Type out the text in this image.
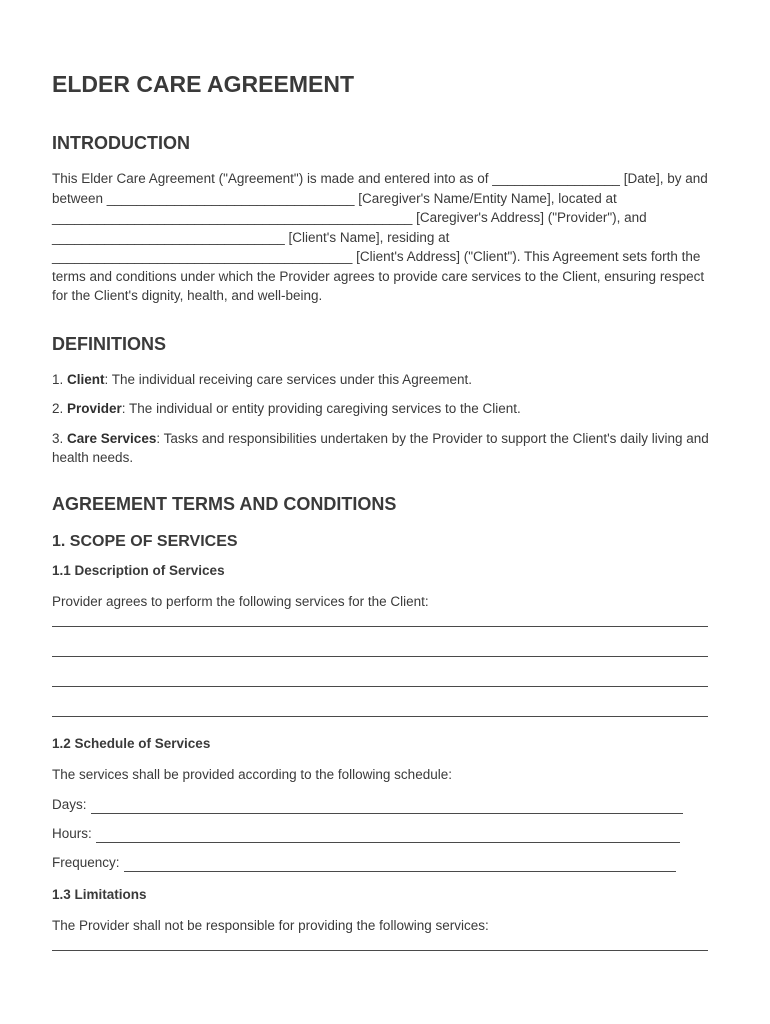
ELDER CARE AGREEMENT
INTRODUCTION

This Elder Care Agreement ("Agreement") is made and entered into as of _________________ [Date], by and between _________________________________ [Caregiver's Name/Entity Name], located at ________________________________________________ [Caregiver's Address] ("Provider"), and _______________________________ [Client's Name], residing at ________________________________________ [Client's Address] ("Client"). This Agreement sets forth the terms and conditions under which the Provider agrees to provide care services to the Client, ensuring respect for the Client's dignity, health, and well-being.

DEFINITIONS

1. Client: The individual receiving care services under this Agreement.

2. Provider: The individual or entity providing caregiving services to the Client.

3. Care Services: Tasks and responsibilities undertaken by the Provider to support the Client's daily living and health needs.

AGREEMENT TERMS AND CONDITIONS
1. SCOPE OF SERVICES
1.1 Description of Services

Provider agrees to perform the following services for the Client:

1.2 Schedule of Services

The services shall be provided according to the following schedule:

Days:
Hours:
Frequency:
1.3 Limitations

The Provider shall not be responsible for providing the following services:
